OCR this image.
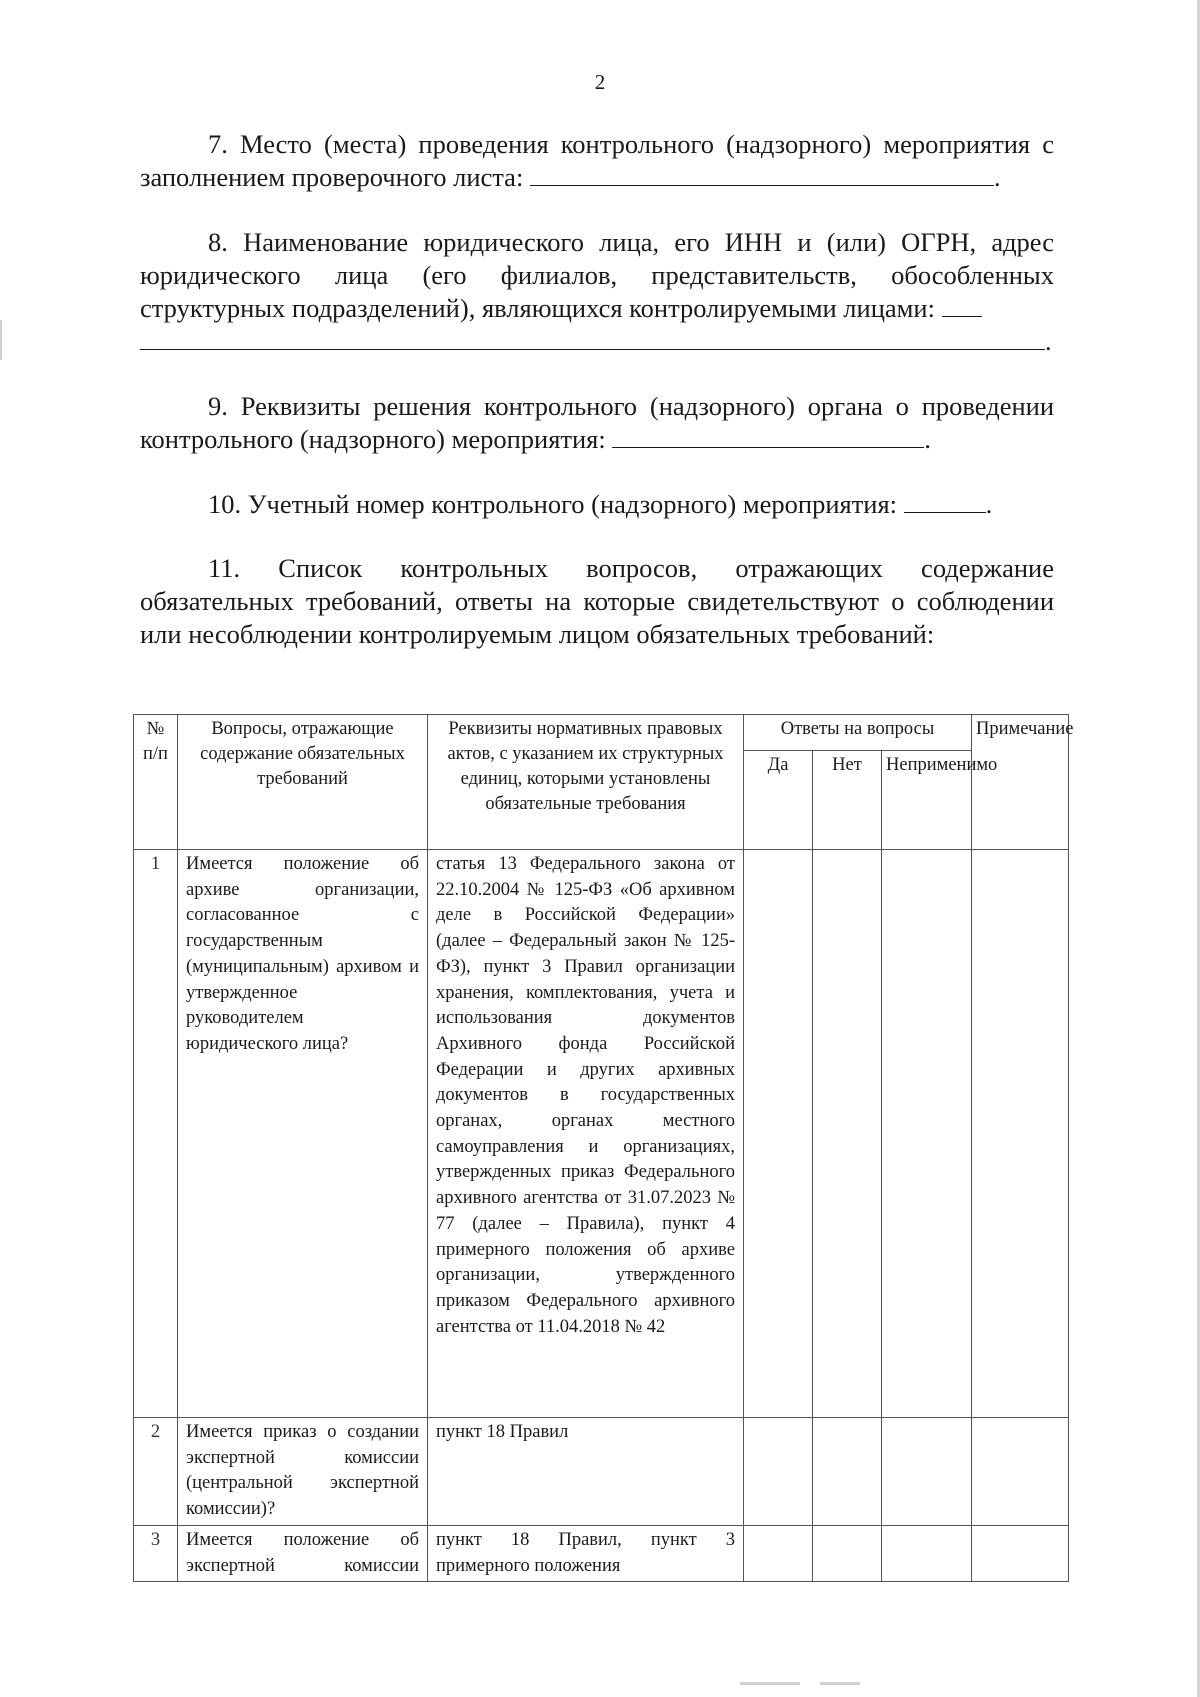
2

7. Место (места) проведения контрольного (надзорного) мероприятия с заполнением проверочного листа:	.

8. Наименование юридического лица, его ИНН и (или) ОГРН, адрес юридического лица (его филиалов, представительств, обособленных структурных подразделений), являющихся контролируемыми лицами:
.

9. Реквизиты решения контрольного (надзорного) органа о проведении контрольного (надзорного) мероприятия:	.

10. Учетный номер контрольного (надзорного) мероприятия:	.

11. Список контрольных вопросов, отражающих содержание обязательных требований, ответы на которые свидетельствуют о соблюдении или несоблюдении контролируемым лицом обязательных требований:

№ п/п	Вопросы, отражающие содержание обязательных требований	Реквизиты нормативных правовых актов, с указанием их структурных единиц, которыми установлены обязательные требования	Ответы на вопросы			Примечание
			Да	Нет	Неприменимо	
1	Имеется положение об архиве организации, согласованное с государственным (муниципальным) архивом и утвержденное руководителем юридического лица?	статья 13 Федерального закона от 22.10.2004 № 125-ФЗ «Об архивном деле в Российской Федерации» (далее – Федеральный закон № 125-ФЗ), пункт 3 Правил организации хранения, комплектования, учета и использования документов Архивного фонда Российской Федерации и других архивных документов в государственных органах, органах местного самоуправления и организациях, утвержденных приказ Федерального архивного агентства от 31.07.2023 № 77 (далее – Правила), пункт 4 примерного положения об архиве организации, утвержденного приказом Федерального архивного агентства от 11.04.2018 № 42				
2	Имеется приказ о создании экспертной комиссии (центральной экспертной комиссии)?	пункт 18 Правил				
3	Имеется положение об экспертной комиссии	пункт 18 Правил, пункт 3 примерного положения				
